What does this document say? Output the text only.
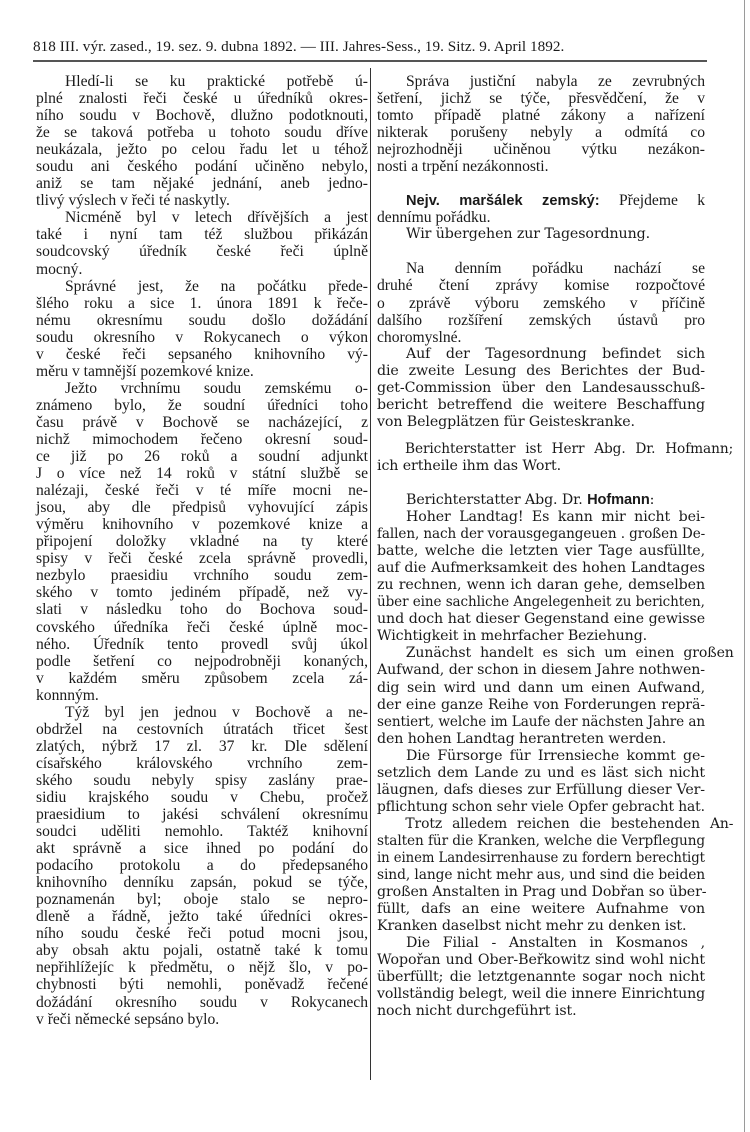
818 III. výr. zased., 19. sez. 9. dubna 1892. — III. Jahres-Sess., 19. Sitz. 9. April 1892.
Hledí-li se ku praktické potřebě ú-
plné znalosti řeči české u úředníků okres-
ního soudu v Bochově, dlužno podotknouti,
že se taková potřeba u tohoto soudu dříve
neukázala, ježto po celou řadu let u téhož
soudu ani českého podání učiněno nebylo,
aniž se tam nějaké jednání, aneb jedno-
tlivý výslech v řeči té naskytly.
Nicméně byl v letech dřívějších a jest
také i nyní tam též službou přikázán
soudcovský úředník české řeči úplně
mocný.
Správné jest, že na počátku přede-
šlého roku a sice 1. února 1891 k řeče-
nému okresnímu soudu došlo dožádání
soudu okresního v Rokycanech o výkon
v české řeči sepsaného knihovního vý-
měru v tamnější pozemkové knize.
Ježto vrchnímu soudu zemskému o-
známeno bylo, že soudní úředníci toho
času právě v Bochově se nacházející, z
nichž mimochodem řečeno okresní soud-
ce již po 26 roků a soudní adjunkt
J o více než 14 roků v státní službě se
nalézaji, české řeči v té míře mocni ne-
jsou, aby dle předpisů vyhovující zápis
výměru knihovního v pozemkové knize a
připojení doložky vkladné na ty které
spisy v řeči české zcela správně provedli,
nezbylo praesidiu vrchního soudu zem-
ského v tomto jediném případě, než vy-
slati v následku toho do Bochova soud-
covského úředníka řeči české úplně moc-
ného. Úředník tento provedl svůj úkol
podle šetření co nejpodrobněji konaných,
v každém směru způsobem zcela zá-
konnným.
Týž byl jen jednou v Bochově a ne-
obdržel na cestovních útratách třicet šest
zlatých, nýbrž 17 zl. 37 kr. Dle sdělení
císařského královského vrchního zem-
ského soudu nebyly spisy zaslány prae-
sidiu krajského soudu v Chebu, pročež
praesidium to jakési schválení okresnímu
soudci uděliti nemohlo. Taktéž knihovní
akt správně a sice ihned po podání do
podacího protokolu a do předepsaného
knihovního denníku zapsán, pokud se týče,
poznamenán byl; oboje stalo se nepro-
dleně a řádně, ježto také úředníci okres-
ního soudu české řeči potud mocni jsou,
aby obsah aktu pojali, ostatně také k tomu
nepřihlížejíc k předmětu, o nějž šlo, v po-
chybnosti býti nemohli, poněvadž řečené
dožádání okresního soudu v Rokycanech
v řeči německé sepsáno bylo.
Správa justiční nabyla ze zevrubných
šetření, jichž se týče, přesvědčení, že v
tomto případě platné zákony a nařízení
nikterak porušeny nebyly a odmítá co
nejrozhodněji učiněnou výtku nezákon-
nosti a trpění nezákonnosti.
Nejv. maršálek zemský: Přejdeme k
dennímu pořádku.
Wir übergehen zur Tagesordnung.
Na denním pořádku nachází se
druhé čtení zprávy komise rozpočtové
o zprávě výboru zemského v příčině
dalšího rozšíření zemských ústavů pro
choromyslné.
Auf der Tagesordnung befindet sich
die zweite Lesung des Berichtes der Bud-
get-Commission über den Landesausschuß-
bericht betreffend die weitere Beschaffung
von Belegplätzen für Geisteskranke.
Berichterstatter ist Herr Abg. Dr. Hofmann;
ich ertheile ihm das Wort.
Berichterstatter Abg. Dr. Hofmann:
Hoher Landtag! Es kann mir nicht bei-
fallen, nach der vorausgegangeuen . großen De-
batte, welche die letzten vier Tage ausfüllte,
auf die Aufmerksamkeit des hohen Landtages
zu rechnen, wenn ich daran gehe, demselben
über eine sachliche Angelegenheit zu berichten,
und doch hat dieser Gegenstand eine gewisse
Wichtigkeit in mehrfacher Beziehung.
Zunächst handelt es sich um einen großen
Aufwand, der schon in diesem Jahre nothwen-
dig sein wird und dann um einen Aufwand,
der eine ganze Reihe von Forderungen reprä-
sentiert, welche im Laufe der nächsten Jahre an
den hohen Landtag herantreten werden.
Die Fürsorge für Irrensieche kommt ge-
setzlich dem Lande zu und es läst sich nicht
läugnen, dafs dieses zur Erfüllung dieser Ver-
pflichtung schon sehr viele Opfer gebracht hat.
Trotz alledem reichen die bestehenden An-
stalten für die Kranken, welche die Verpflegung
in einem Landesirrenhause zu fordern berechtigt
sind, lange nicht mehr aus, und sind die beiden
großen Anstalten in Prag und Dobřan so über-
füllt, dafs an eine weitere Aufnahme von
Kranken daselbst nicht mehr zu denken ist.
Die Filial - Anstalten in Kosmanos ,
Wopořan und Ober-Beřkowitz sind wohl nicht
überfüllt; die letztgenannte sogar noch nicht
vollständig belegt, weil die innere Einrichtung
noch nicht durchgeführt ist.
